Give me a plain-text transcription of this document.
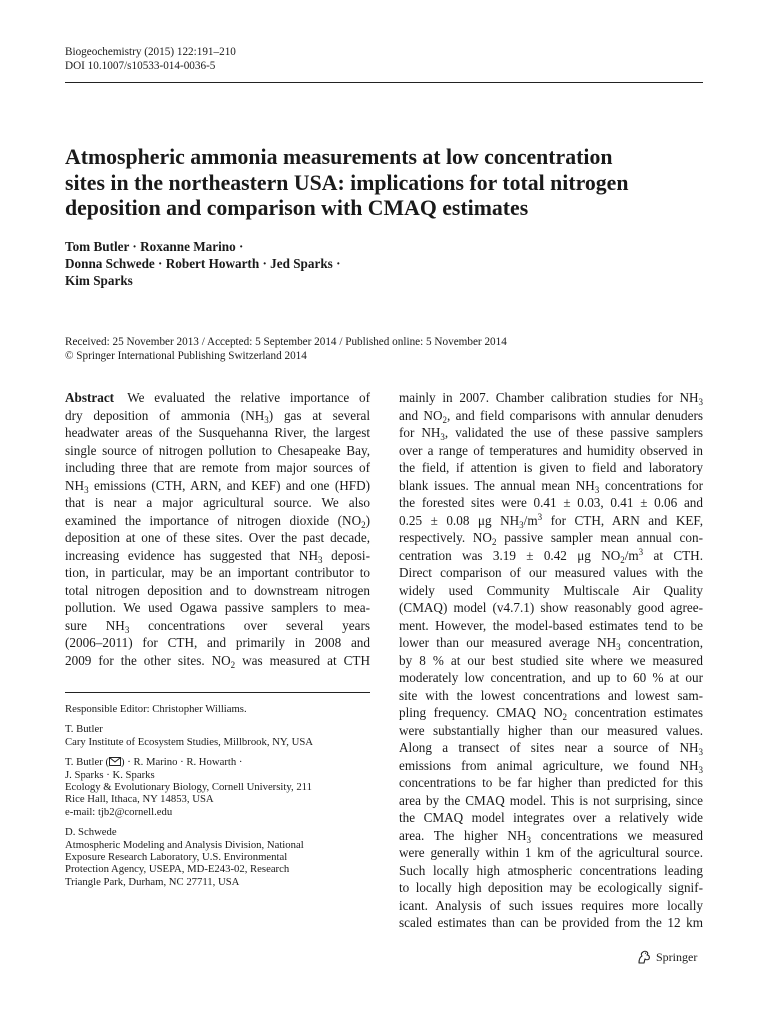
Biogeochemistry (2015) 122:191–210
DOI 10.1007/s10533-014-0036-5
Atmospheric ammonia measurements at low concentration
sites in the northeastern USA: implications for total nitrogen
deposition and comparison with CMAQ estimates
Tom Butler · Roxanne Marino ·
Donna Schwede · Robert Howarth · Jed Sparks ·
Kim Sparks
Received: 25 November 2013 / Accepted: 5 September 2014 / Published online: 5 November 2014
© Springer International Publishing Switzerland 2014
Abstract  We evaluated the relative importance of
dry deposition of ammonia $(NH_3)$ gas at several
headwater areas of the Susquehanna River, the largest
single source of nitrogen pollution to Chesapeake Bay,
including three that are remote from major sources of
$NH_3$ emissions (CTH, ARN, and KEF) and one (HFD)
that is near a major agricultural source. We also
examined the importance of nitrogen dioxide $(NO_2)$
deposition at one of these sites. Over the past decade,
increasing evidence has suggested that $NH_3$ deposi-
tion, in particular, may be an important contributor to
total nitrogen deposition and to downstream nitrogen
pollution. We used Ogawa passive samplers to mea-
sure $NH_3$ concentrations over several years
(2006–2011) for CTH, and primarily in 2008 and
2009 for the other sites. $NO_2$ was measured at CTH
Responsible Editor: Christopher Williams.
T. Butler
Cary Institute of Ecosystem Studies, Millbrook, NY, USA
T. Butler ( ) · R. Marino · R. Howarth ·
J. Sparks · K. Sparks
Ecology & Evolutionary Biology, Cornell University, 211
Rice Hall, Ithaca, NY 14853, USA
e-mail: tjb2@cornell.edu
D. Schwede
Atmospheric Modeling and Analysis Division, National
Exposure Research Laboratory, U.S. Environmental
Protection Agency, USEPA, MD-E243-02, Research
Triangle Park, Durham, NC 27711, USA
mainly in 2007. Chamber calibration studies for $NH_3$
and $NO_2$, and field comparisons with annular denuders
for $NH_3$, validated the use of these passive samplers
over a range of temperatures and humidity observed in
the field, if attention is given to field and laboratory
blank issues. The annual mean $NH_3$ concentrations for
the forested sites were 0.41 ± 0.03, 0.41 ± 0.06 and
0.25 ± 0.08 μg $NH_3/m^3$ for CTH, ARN and KEF,
respectively. $NO_2$ passive sampler mean annual con-
centration was 3.19 ± 0.42 μg $NO_2/m^3$ at CTH.
Direct comparison of our measured values with the
widely used Community Multiscale Air Quality
(CMAQ) model (v4.7.1) show reasonably good agree-
ment. However, the model-based estimates tend to be
lower than our measured average $NH_3$ concentration,
by 8 % at our best studied site where we measured
moderately low concentration, and up to 60 % at our
site with the lowest concentrations and lowest sam-
pling frequency. CMAQ $NO_2$ concentration estimates
were substantially higher than our measured values.
Along a transect of sites near a source of $NH_3$
emissions from animal agriculture, we found $NH_3$
concentrations to be far higher than predicted for this
area by the CMAQ model. This is not surprising, since
the CMAQ model integrates over a relatively wide
area. The higher $NH_3$ concentrations we measured
were generally within 1 km of the agricultural source.
Such locally high atmospheric concentrations leading
to locally high deposition may be ecologically signif-
icant. Analysis of such issues requires more locally
scaled estimates than can be provided from the 12 km
Springer
